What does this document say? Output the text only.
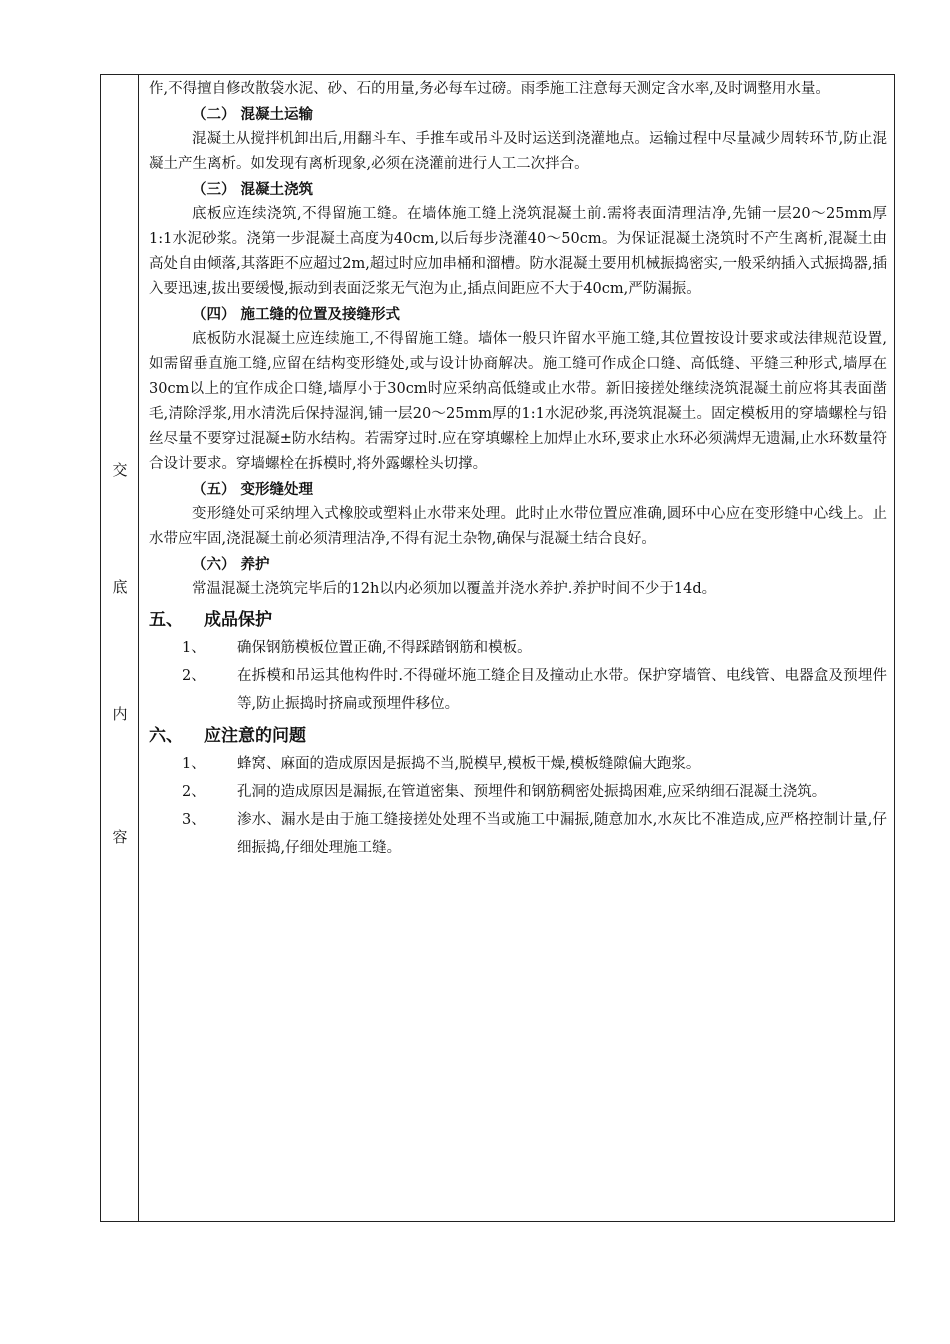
交
底
内
容

作,不得擅自修改散袋水泥、砂、石的用量,务必每车过磅。雨季施工注意每天测定含水率,及时调整用水量。

（二） 混凝土运输

混凝土从搅拌机卸出后,用翻斗车、手推车或吊斗及时运送到浇灌地点。运输过程中尽量减少周转环节,防止混凝土产生离析。如发现有离析现象,必须在浇灌前进行人工二次拌合。

（三） 混凝土浇筑

底板应连续浇筑,不得留施工缝。在墙体施工缝上浇筑混凝土前.需将表面清理洁净,先铺一层20～25mm厚1:1水泥砂浆。浇第一步混凝土高度为40cm,以后每步浇灌40～50cm。为保证混凝土浇筑时不产生离析,混凝土由高处自由倾落,其落距不应超过2m,超过时应加串桶和溜槽。防水混凝土要用机械振捣密实,一般采纳插入式振捣器,插入要迅速,拔出要缓慢,振动到表面泛浆无气泡为止,插点间距应不大于40cm,严防漏振。

（四） 施工缝的位置及接缝形式

底板防水混凝土应连续施工,不得留施工缝。墙体一般只许留水平施工缝,其位置按设计要求或法律规范设置,如需留垂直施工缝,应留在结构变形缝处,或与设计协商解决。施工缝可作成企口缝、高低缝、平缝三种形式,墙厚在30cm以上的宜作成企口缝,墙厚小于30cm时应采纳高低缝或止水带。新旧接搓处继续浇筑混凝土前应将其表面凿毛,清除浮浆,用水清洗后保持湿润,铺一层20～25mm厚的1:1水泥砂浆,再浇筑混凝土。固定模板用的穿墙螺栓与铅丝尽量不要穿过混凝±防水结构。若需穿过时.应在穿填螺栓上加焊止水环,要求止水环必须满焊无遗漏,止水环数量符合设计要求。穿墙螺栓在拆模时,将外露螺栓头切撑。

（五） 变形缝处理

变形缝处可采纳埋入式橡胶或塑料止水带来处理。此时止水带位置应准确,圆环中心应在变形缝中心线上。止水带应牢固,浇混凝土前必须清理洁净,不得有泥土杂物,确保与混凝土结合良好。

（六） 养护

常温混凝土浇筑完毕后的12h以内必须加以覆盖并浇水养护.养护时间不少于14d。

五、 成品保护
1、	确保钢筋模板位置正确,不得踩踏钢筋和模板。
2、	在拆模和吊运其他构件时.不得碰坏施工缝企目及撞动止水带。保护穿墙管、电线管、电器盒及预埋件等,防止振捣时挤扁或预埋件移位。
六、 应注意的问题
1、	蜂窝、麻面的造成原因是振捣不当,脱模早,模板干燥,模板缝隙偏大跑浆。
2、	孔洞的造成原因是漏振,在管道密集、预埋件和钢筋稠密处振捣困难,应采纳细石混凝土浇筑。
3、	渗水、漏水是由于施工缝接搓处处理不当或施工中漏振,随意加水,水灰比不准造成,应严格控制计量,仔细振捣,仔细处理施工缝。
